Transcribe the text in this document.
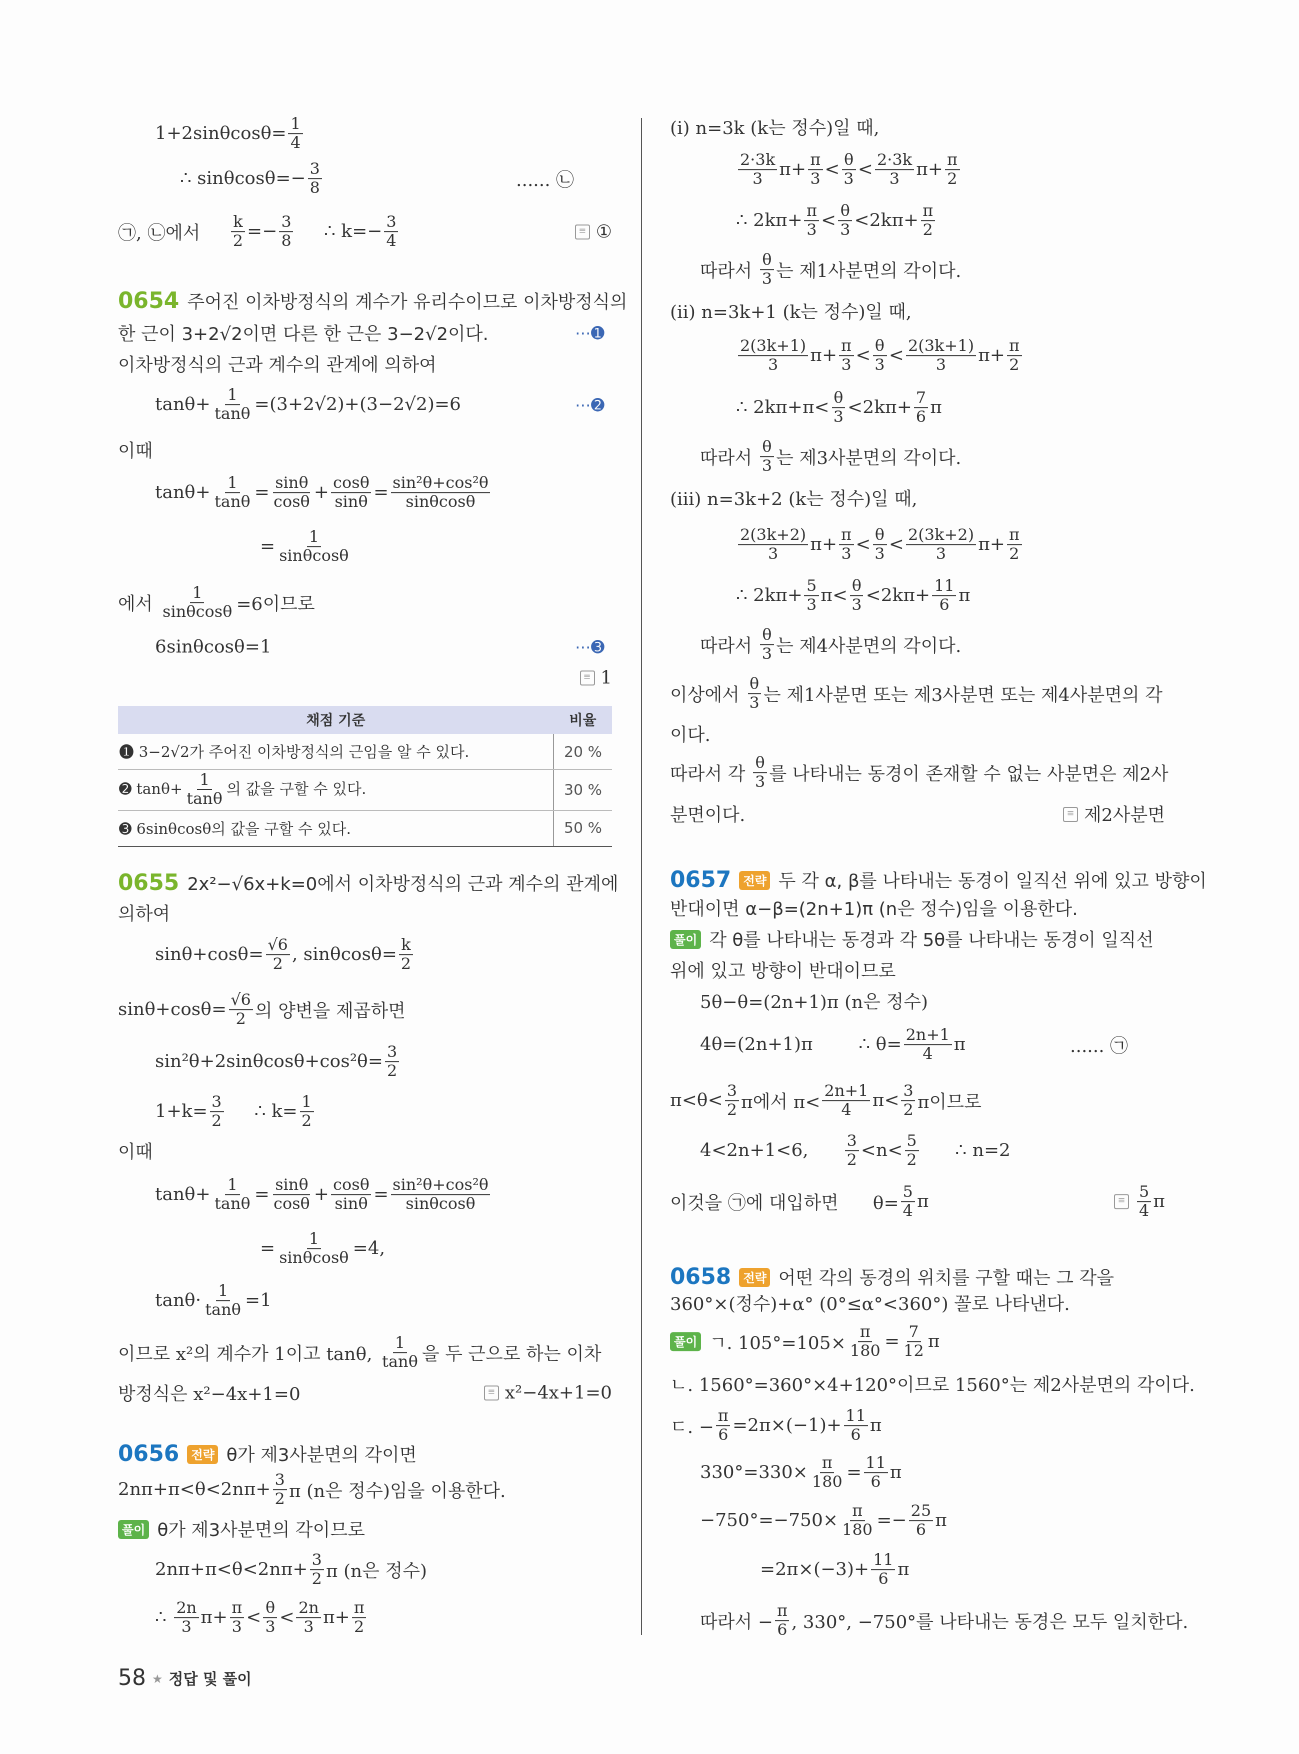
$1+2\sin\theta\cos\theta= \frac{1}{4}$
∴ $\sin\theta\cos\theta=- \frac{3}{8}$	...... ㉡
㉠, ㉡에서 $\frac{k}{2} =- \frac{3}{8}$ ∴ $k=- \frac{3}{4}$	≡ ①
0654 주어진 이차방정식의 계수가 유리수이므로 이차방정식의
한 근이 3+2√2이면 다른 한 근은 3−2√2이다.	⋯➊
이차방정식의 근과 계수의 관계에 의하여
$\tan\theta+ \frac{1}{\tan\theta} =(3+2√2)+(3-2√2)=6$	⋯➋
이때
$\tan\theta+ \frac{1}{\tan\theta} = \frac{\sin\theta}{\cos\theta} + \frac{\cos\theta}{\sin\theta} = \frac{\text{sin²θ+cos²θ}}{\sin\theta\cos\theta}$
= $\frac{1}{\sin\theta\cos\theta}$
에서 $\frac{1}{\sin\theta\cos\theta} =6$이므로
6sinθcosθ=1	⋯➌
≡ 1
채점 기준	비율
➊ 3−2√2가 주어진 이차방정식의 근임을 알 수 있다.	20 %
➋ $\tan\theta+ \frac{1}{\tan\theta}$ 의 값을 구할 수 있다.	30 %
➌ 6sinθcosθ의 값을 구할 수 있다.	50 %
0655 2x²−√6x+k=0에서 이차방정식의 근과 계수의 관계에
의하여
$\sin\theta+\cos\theta= \frac{√6}{2}$ , $\sin\theta\cos\theta= \frac{k}{2}$
$\sin\theta+\cos\theta= \frac{√6}{2}$ 의 양변을 제곱하면
$\sin^2\theta+2\sin\theta\cos\theta+\cos^2\theta= \frac{3}{2}$
$1+k= \frac{3}{2}$ ∴ $k= \frac{1}{2}$
이때
$\tan\theta+ \frac{1}{\tan\theta} = \frac{\sin\theta}{\cos\theta} + \frac{\cos\theta}{\sin\theta} = \frac{\text{sin²θ+cos²θ}}{\sin\theta\cos\theta}$
= $\frac{1}{\sin\theta\cos\theta} =4$,
$\tan\theta\cdot \frac{1}{\tan\theta} =1$
이므로 x²의 계수가 1이고 tanθ, $\frac{1}{\tan\theta}$ 을 두 근으로 하는 이차
방정식은 x²−4x+1=0	≡ x²−4x+1=0
0656	전략 θ가 제3사분면의 각이면
$2n\pi+\pi<\theta<2n\pi+ \frac{3}{2}$ π (n은 정수)임을 이용한다.
풀이 θ가 제3사분면의 각이므로
$2n\pi+\pi<\theta<2n\pi+ \frac{3}{2}$ π (n은 정수)
∴ $\frac{2n}{3} \pi+ \frac{\pi}{3} < \frac{\theta}{3} < \frac{2n}{3} \pi+ \frac{\pi}{2}$
(i) n=3k (k는 정수)일 때,
$\frac{2\cdot 3k}{3} \pi+ \frac{\pi}{3} < \frac{\theta}{3} < \frac{2\cdot 3k}{3} \pi+ \frac{\pi}{2}$
∴ $2k\pi+ \frac{\pi}{3} < \frac{\theta}{3} <2k\pi+ \frac{\pi}{2}$
따라서 $\frac{\theta}{3}$ 는 제1사분면의 각이다.
(ii) n=3k+1 (k는 정수)일 때,
$\frac{2(3k+1)}{3} \pi+ \frac{\pi}{3} < \frac{\theta}{3} < \frac{2(3k+1)}{3} \pi+ \frac{\pi}{2}$
∴ $2k\pi+\pi< \frac{\theta}{3} <2k\pi+ \frac{7}{6}$ π
따라서 $\frac{\theta}{3}$ 는 제3사분면의 각이다.
(iii) n=3k+2 (k는 정수)일 때,
$\frac{2(3k+2)}{3} \pi+ \frac{\pi}{3} < \frac{\theta}{3} < \frac{2(3k+2)}{3} \pi+ \frac{\pi}{2}$
∴ $2k\pi+ \frac{5}{3} \pi< \frac{\theta}{3} <2k\pi+ \frac{11}{6}$ π
따라서 $\frac{\theta}{3}$ 는 제4사분면의 각이다.
이상에서 $\frac{\theta}{3}$ 는 제1사분면 또는 제3사분면 또는 제4사분면의 각
이다.
따라서 각 $\frac{\theta}{3}$ 를 나타내는 동경이 존재할 수 없는 사분면은 제2사
분면이다.	≡ 제2사분면
0657	전략 두 각 α, β를 나타내는 동경이 일직선 위에 있고 방향이
반대이면 α−β=(2n+1)π (n은 정수)임을 이용한다.
풀이 각 θ를 나타내는 동경과 각 5θ를 나타내는 동경이 일직선
위에 있고 방향이 반대이므로
5θ−θ=(2n+1)π (n은 정수)
4θ=(2n+1)π        ∴ $\theta= \frac{2n+1}{4}$ π	...... ㉠
$\pi<\theta< \frac{3}{2}$ π에서 $\pi< \frac{2n+1}{4} \pi< \frac{3}{2}$ π이므로
4<2n+1<6, $\frac{3}{2} <n< \frac{5}{2}$ ∴ n=2
이것을 ㉠에 대입하면      $\theta= \frac{5}{4}$ π	≡ $\frac{5}{4}$ π
0658	전략 어떤 각의 동경의 위치를 구할 때는 그 각을
360°×(정수)+α° (0°≤α°<360°) 꼴로 나타낸다.
풀이 ㄱ. $105^\circ=105\times \frac{\pi}{180} = \frac{7}{12}$ π
ㄴ. 1560°=360°×4+120°이므로 1560°는 제2사분면의 각이다.
ㄷ. − $\frac{\pi}{6} =2\pi\times(-1)+ \frac{11}{6}$ π
$330^\circ=330\times \frac{\pi}{180} = \frac{11}{6}$ π
$-750^\circ=-750\times \frac{\pi}{180} =- \frac{25}{6}$ π
$=2\pi\times(-3)+ \frac{11}{6}$ π
따라서 − $\frac{\pi}{6}$ , 330°, −750°를 나타내는 동경은 모두 일치한다.
58 ★ 정답 및 풀이
